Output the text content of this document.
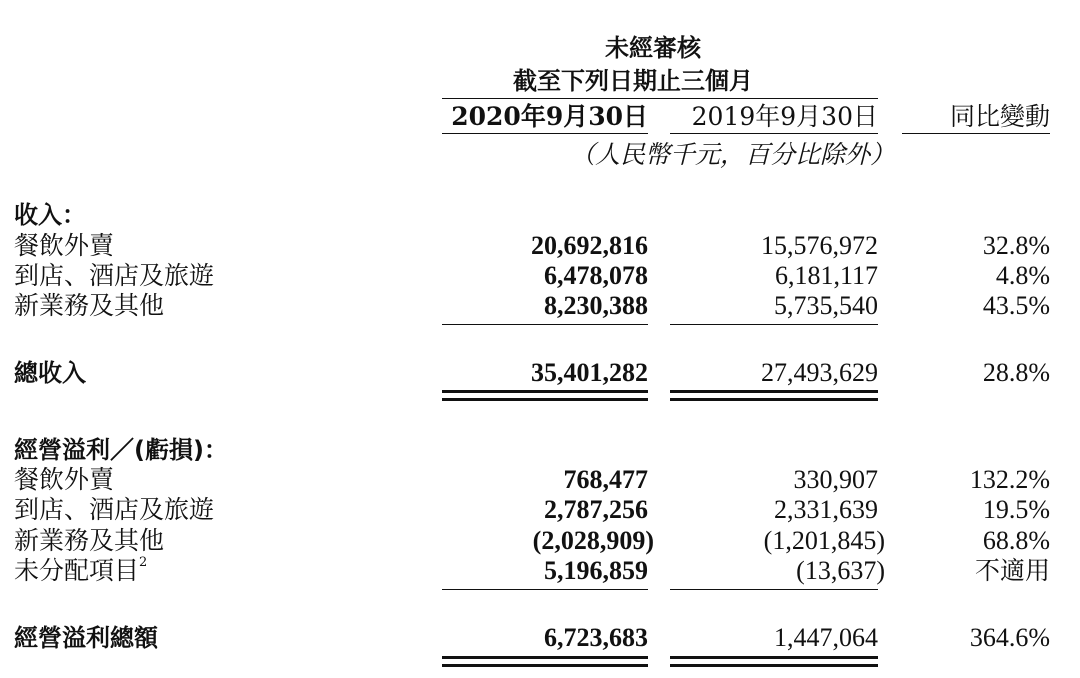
未經審核
截至下列日期止三個月
2020年9月30日 2019年9月30日	同比變動
（人民幣千元，百分比除外）
收入：
餐飲外賣	20,692,816	15,576,972	32.8%
到店、酒店及旅遊	6,478,078	6,181,117	4.8%
新業務及其他	8,230,388	5,735,540	43.5%
總收入	35,401,282	27,493,629	28.8%
經營溢利／(虧損)：
餐飲外賣	768,477	330,907	132.2%
到店、酒店及旅遊	2,787,256	2,331,639	19.5%
新業務及其他	(2,028,909)	(1,201,845)	68.8%
未分配項目$^2$	5,196,859	(13,637)	不適用
經營溢利總額	6,723,683	1,447,064	364.6%
